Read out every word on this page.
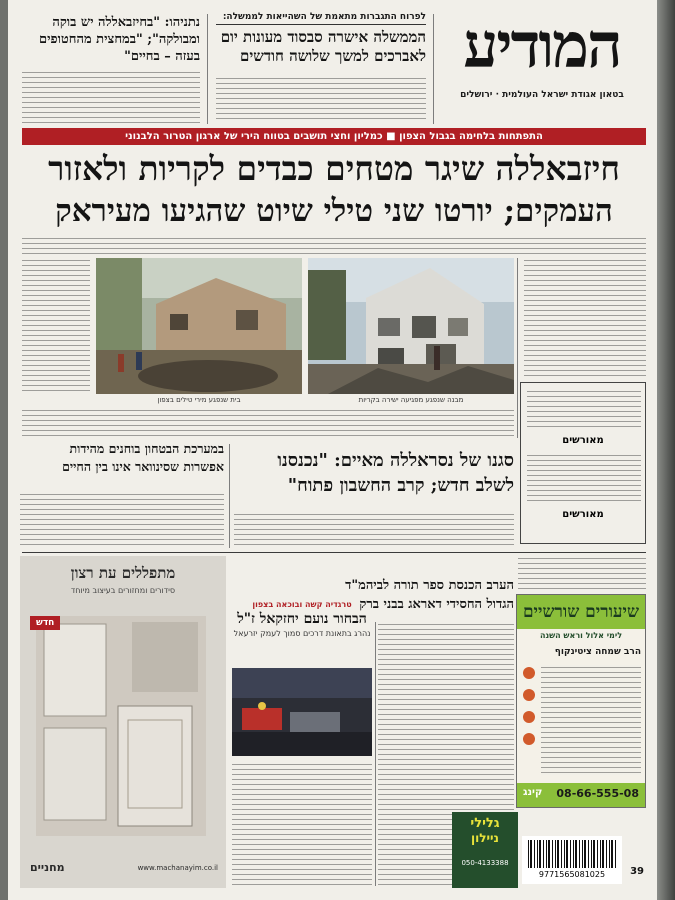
המודיע
בטאון אגודת ישראל העולמית · ירושלים
לפרוח התגברות מתאמת של השהייאות לממשלה:
הממשלה אישרה סבסוד מעונות יום לאברכים למשך שלושה חודשים
נתניהו: "בחיזבאללה יש בוקה ומבולקה"; "במחצית מהחטופים בעזה – בחיים"
התפתחות בלחימה בגבול הצפון ■ כמליון וחצי תושבים בטווח הירי של ארגון הטרור הלבנוני
חיזבאללה שיגר מטחים כבדים לקריות ולאזור
העמקים; יורטו שני טילי שיוט שהגיעו מעיראק
מאורשים
מאורשים
מבנה שנפגע מפגיעה ישירה בקריות
בית שנפגע מירי טילים בצפון
סגנו של נסראללה מאיים: "נכנסנו
לשלב חדש; קרב החשבון פתוח"
במערכת הבטחון בוחנים מהידות
אפשרות שסינוואר אינו בין החיים
מתפללים עת רצון
סידורים ומחזורים בעיצוב מיוחד
חדש
מחניים	www.machanayim.co.il
הערב הכנסת ספר תורה לביהמ"ד
הגדול החסידי דאראג בבני ברק
טרגדיה קשה ובוכאה בצפון
הבחור נועם יחזקאל ז"ל
נהרג בתאונת דרכים סמוך לעמק יזרעאל
שיעורים שורשיים
לימי אלול וראש השנה
הרב שמחה ציטינקוף
08-66-555-08
קינג
גלילי
ניילון
050-4133388
9771565081025	39
